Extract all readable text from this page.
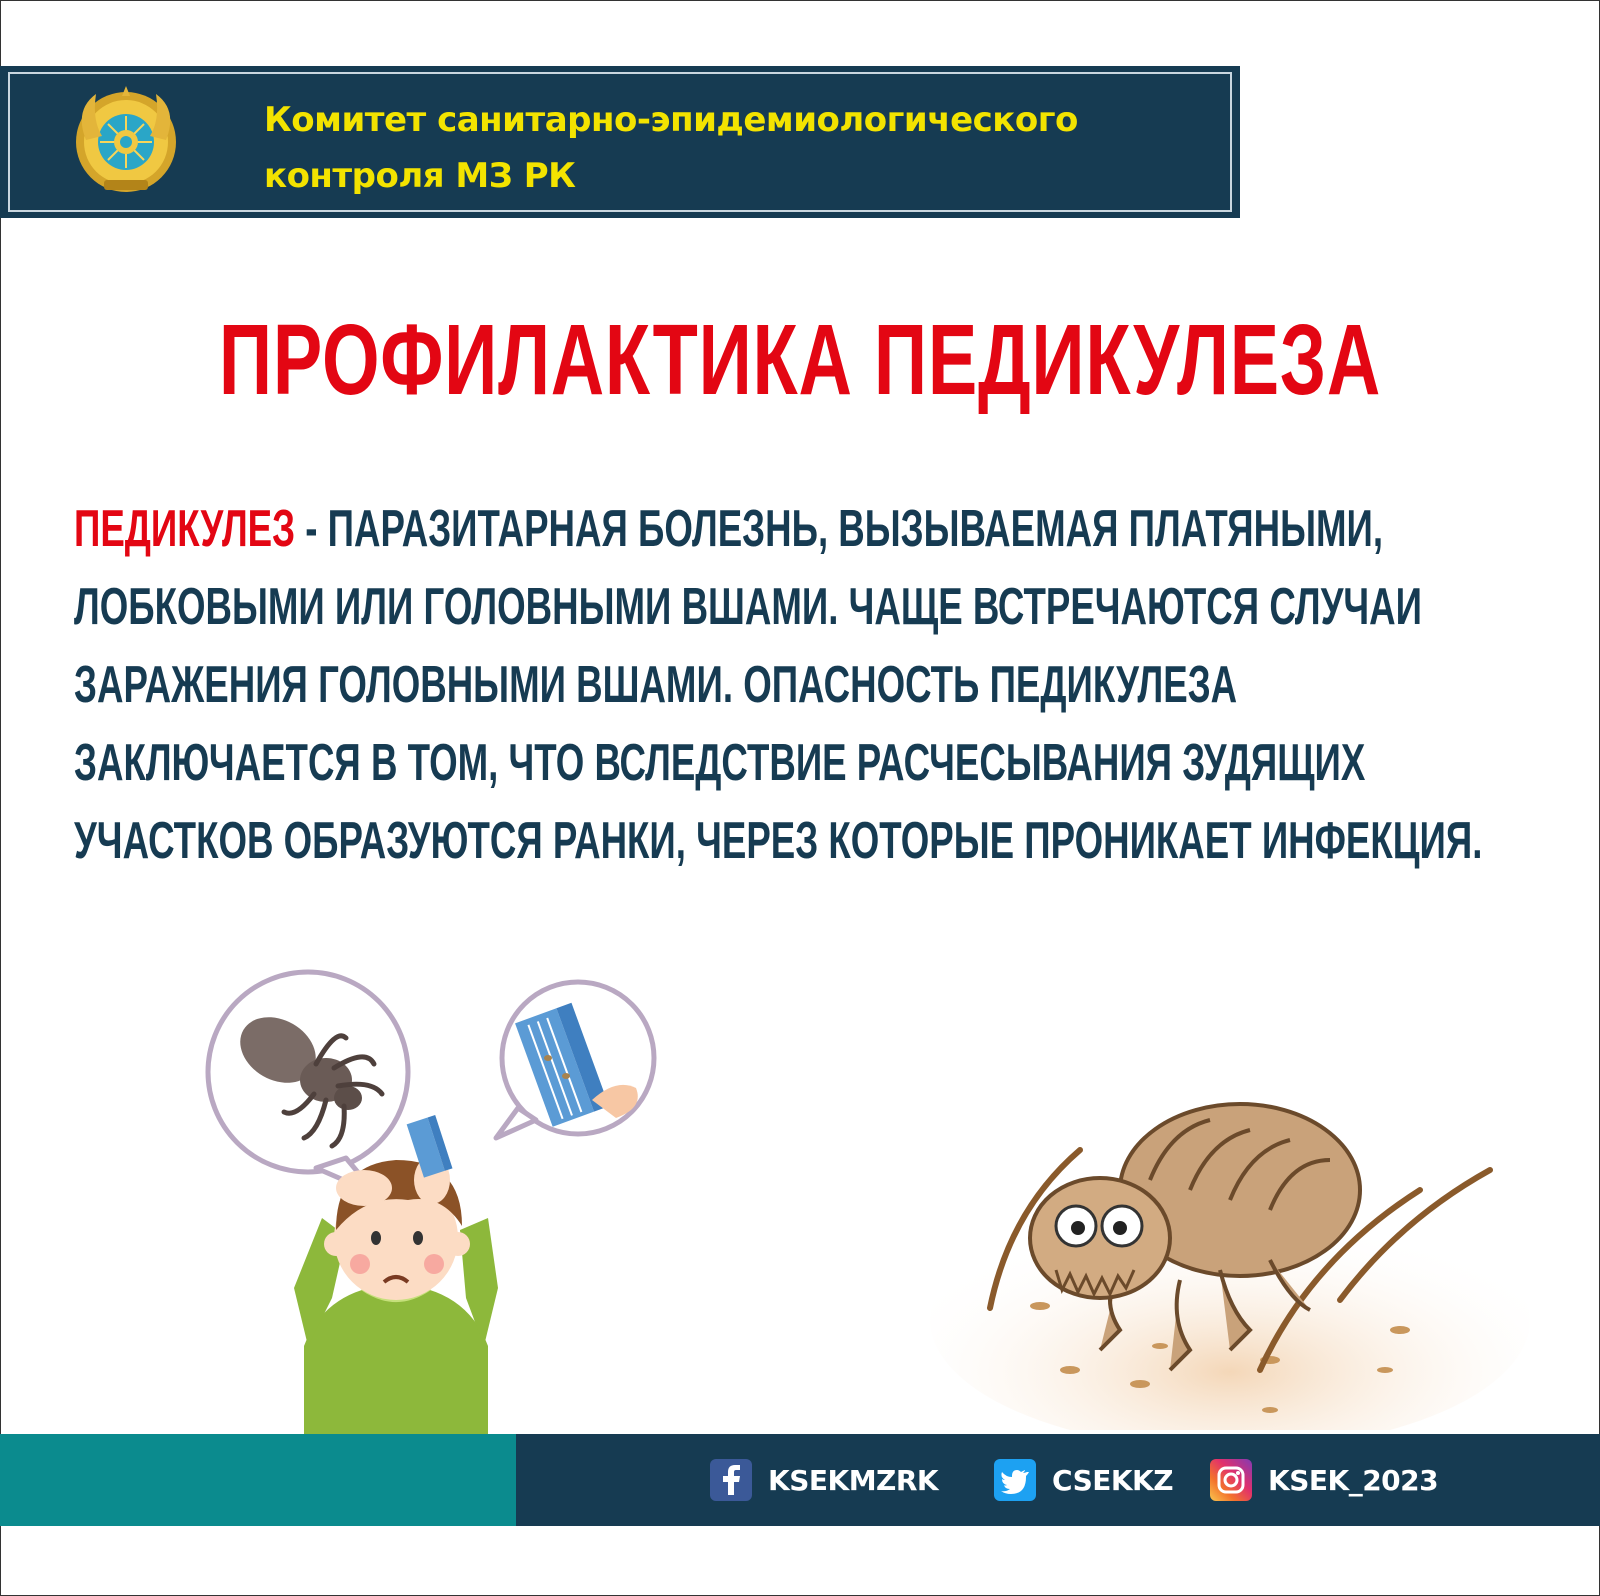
Комитет санитарно-эпидемиологического
контроля МЗ РК
ПРОФИЛАКТИКА ПЕДИКУЛЕЗА
ПЕДИКУЛЕЗ - ПАРАЗИТАРНАЯ БОЛЕЗНЬ, ВЫЗЫВАЕМАЯ ПЛАТЯНЫМИ,
ЛОБКОВЫМИ ИЛИ ГОЛОВНЫМИ ВШАМИ. ЧАЩЕ ВСТРЕЧАЮТСЯ СЛУЧАИ
ЗАРАЖЕНИЯ ГОЛОВНЫМИ ВШАМИ. ОПАСНОСТЬ ПЕДИКУЛЕЗА
ЗАКЛЮЧАЕТСЯ В ТОМ, ЧТО ВСЛЕДСТВИЕ РАСЧЕСЫВАНИЯ ЗУДЯЩИХ
УЧАСТКОВ ОБРАЗУЮТСЯ РАНКИ, ЧЕРЕЗ КОТОРЫЕ ПРОНИКАЕТ ИНФЕКЦИЯ.
KSEKMZRK	CSEKKZ	KSEK_2023
